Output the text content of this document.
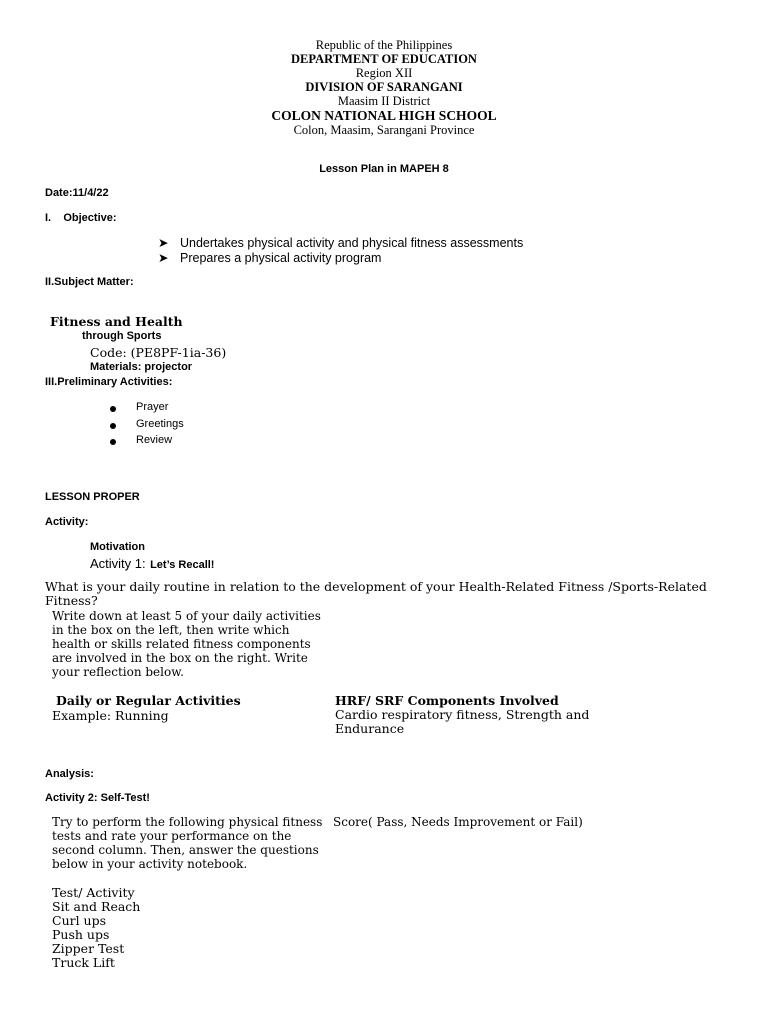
Republic of the Philippines
DEPARTMENT OF EDUCATION
Region XII
DIVISION OF SARANGANI
Maasim II District
COLON NATIONAL HIGH SCHOOL
Colon, Maasim, Sarangani Province
Lesson Plan in MAPEH 8
Date:11/4/22
I.    Objective:
➤ Undertakes physical activity and physical fitness assessments
➤ Prepares a physical activity program
II.Subject Matter:
Fitness and Health
through Sports
Code: (PE8PF-1ia-36)
Materials: projector
III.Preliminary Activities:
Prayer
Greetings
Review
LESSON PROPER
Activity:
Motivation
Activity 1: Let’s Recall!
What is your daily routine in relation to the development of your Health-Related Fitness /Sports-Related Fitness?
Write down at least 5 of your daily activities in the box on the left, then write which health or skills related fitness components are involved in the box on the right. Write your reflection below.
Daily or Regular Activities	HRF/ SRF Components Involved
Example: Running	Cardio respiratory fitness, Strength and Endurance
Analysis:
Activity 2: Self-Test!
Try to perform the following physical fitness tests and rate your performance on the second column. Then, answer the questions below in your activity notebook.
Score( Pass, Needs Improvement or Fail)
Test/ Activity
Sit and Reach
Curl ups
Push ups
Zipper Test
Truck Lift
